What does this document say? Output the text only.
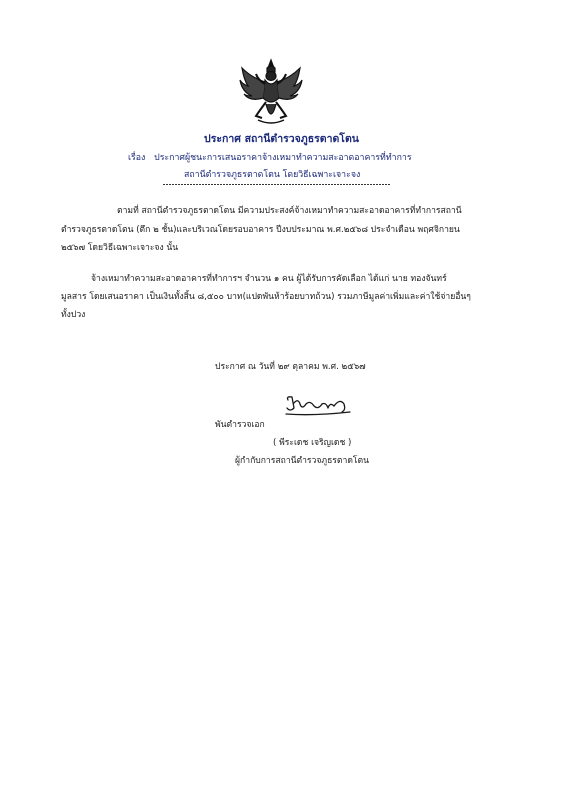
ประกาศ สถานีตำรวจภูธรตาดโตน
เรื่อง ประกาศผู้ชนะการเสนอราคาจ้างเหมาทำความสะอาดอาคารที่ทำการ
สถานีตำรวจภูธรตาดโตน โดยวิธีเฉพาะเจาะจง
ตามที่ สถานีตำรวจภูธรตาดโตน มีความประสงค์จ้างเหมาทำความสะอาดอาคารที่ทำการสถานี
ตำรวจภูธรตาดโตน (ตึก ๒ ชั้น)และบริเวณโดยรอบอาคาร ปีงบประมาณ พ.ศ.๒๕๖๘ ประจำเดือน พฤศจิกายน
๒๕๖๗ โดยวิธีเฉพาะเจาะจง นั้น
จ้างเหมาทำความสะอาดอาคารที่ทำการฯ จำนวน ๑ คน ผู้ได้รับการคัดเลือก ได้แก่ นาย ทองจันทร์
มูลสาร โดยเสนอราคา เป็นเงินทั้งสิ้น ๘,๕๐๐ บาท(แปดพันห้าร้อยบาทถ้วน) รวมภาษีมูลค่าเพิ่มและค่าใช้จ่ายอื่นๆ
ทั้งปวง
ประกาศ ณ วันที่ ๒๙ ตุลาคม พ.ศ. ๒๕๖๗
พันตำรวจเอก
( พีระเดช เจริญเดช )
ผู้กำกับการสถานีตำรวจภูธรตาดโตน
